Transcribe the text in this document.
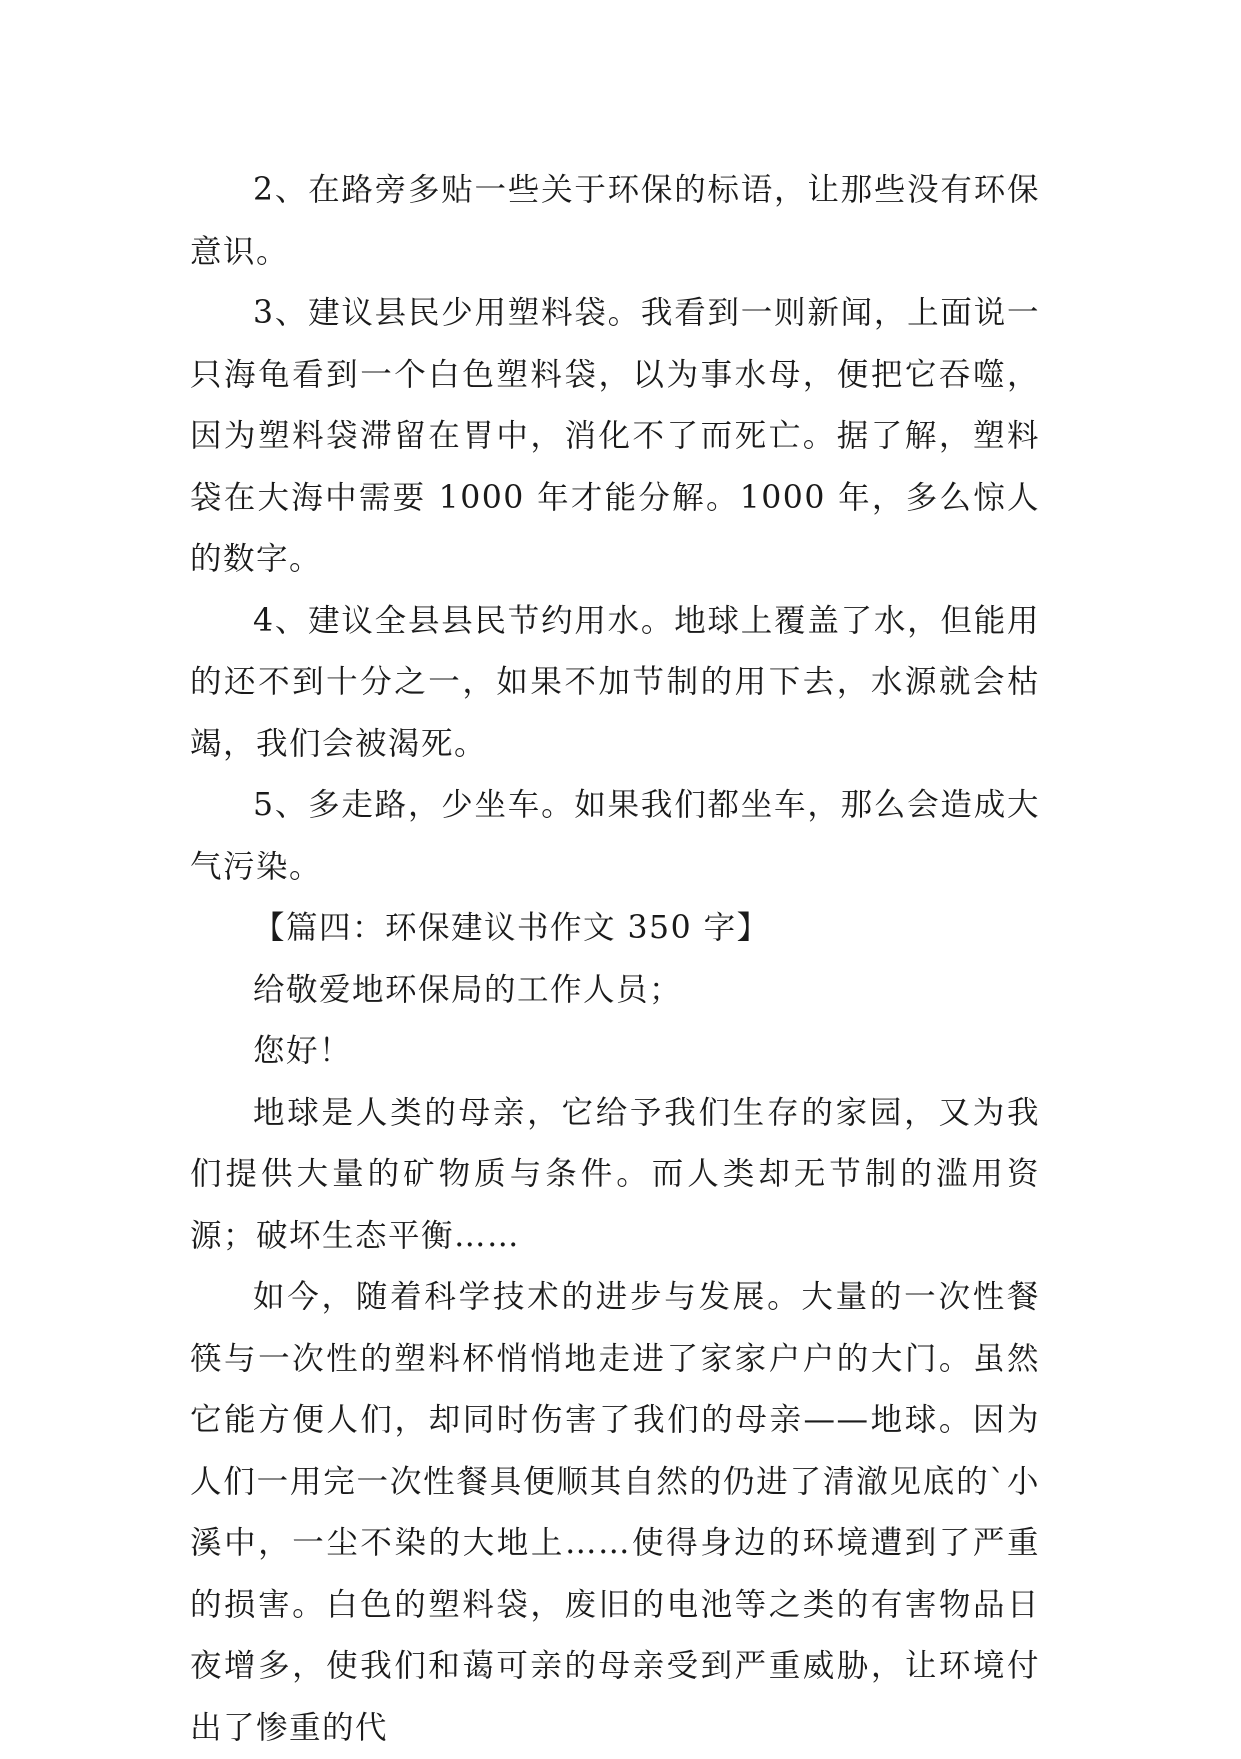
2、在路旁多贴一些关于环保的标语，让那些没有环保意识。

3、建议县民少用塑料袋。我看到一则新闻，上面说一只海龟看到一个白色塑料袋，以为事水母，便把它吞噬，因为塑料袋滞留在胃中，消化不了而死亡。据了解，塑料袋在大海中需要 1000 年才能分解。1000 年，多么惊人的数字。

4、建议全县县民节约用水。地球上覆盖了水，但能用的还不到十分之一，如果不加节制的用下去，水源就会枯竭，我们会被渴死。

5、多走路，少坐车。如果我们都坐车，那么会造成大气污染。

【篇四：环保建议书作文 350 字】

给敬爱地环保局的工作人员；

您好！

地球是人类的母亲，它给予我们生存的家园，又为我们提供大量的矿物质与条件。而人类却无节制的滥用资源；破坏生态平衡……

如今，随着科学技术的进步与发展。大量的一次性餐筷与一次性的塑料杯悄悄地走进了家家户户的大门。虽然它能方便人们，却同时伤害了我们的母亲——地球。因为人们一用完一次性餐具便顺其自然的仍进了清澈见底的`小溪中，一尘不染的大地上……使得身边的环境遭到了严重的损害。白色的塑料袋，废旧的电池等之类的有害物品日夜增多，使我们和蔼可亲的母亲受到严重威胁，让环境付出了惨重的代
